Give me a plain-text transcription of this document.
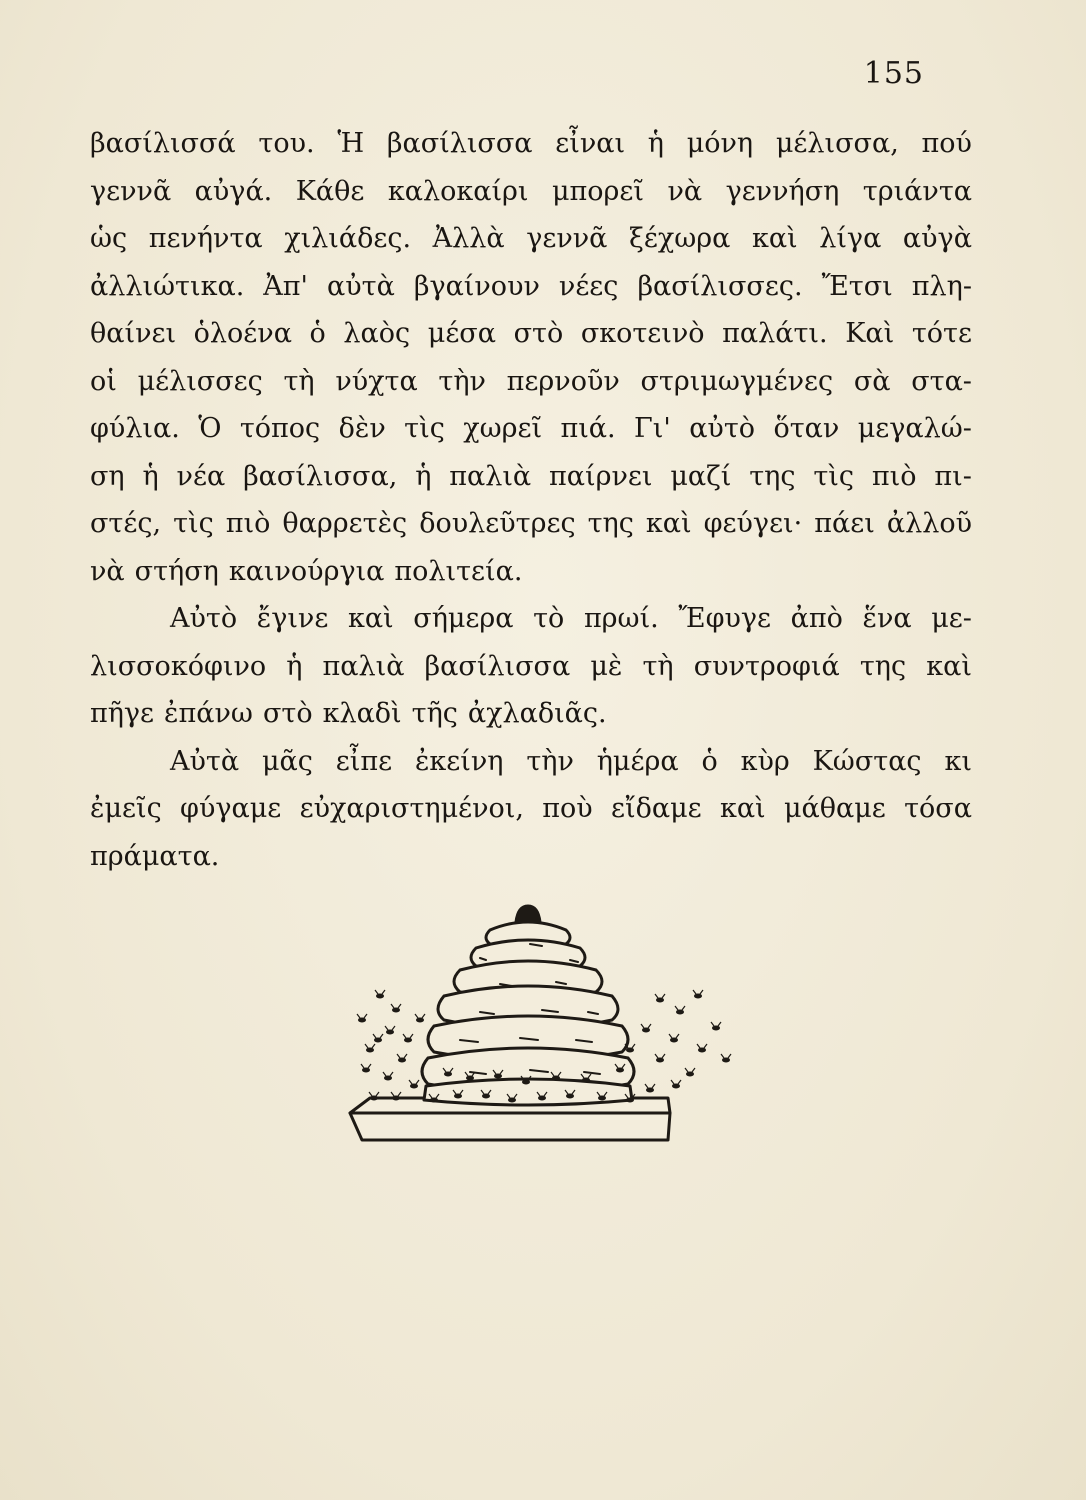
155
βασίλισσά του. Ἡ βασίλισσα εἶναι ἡ μόνη μέλισσα, πού
γεννᾶ αὐγά. Κάθε καλοκαίρι μπορεῖ νὰ γεννήση τριάντα
ὡς πενήντα χιλιάδες. Ἀλλὰ γεννᾶ ξέχωρα καὶ λίγα αὐγὰ
ἀλλιώτικα. Ἀπ' αὐτὰ βγαίνουν νέες βασίλισσες. Ἔτσι πλη-
θαίνει ὁλοένα ὁ λαὸς μέσα στὸ σκοτεινὸ παλάτι. Καὶ τότε
οἱ μέλισσες τὴ νύχτα τὴν περνοῦν στριμωγμένες σὰ στα-
φύλια. Ὁ τόπος δὲν τὶς χωρεῖ πιά. Γι' αὐτὸ ὅταν μεγαλώ-
ση ἡ νέα βασίλισσα, ἡ παλιὰ παίρνει μαζί της τὶς πιὸ πι-
στές, τὶς πιὸ θαρρετὲς δουλεῦτρες της καὶ φεύγει· πάει ἀλλοῦ
νὰ στήση καινούργια πολιτεία.
Αὐτὸ ἔγινε καὶ σήμερα τὸ πρωί. Ἔφυγε ἀπὸ ἕνα με-
λισσοκόφινο ἡ παλιὰ βασίλισσα μὲ τὴ συντροφιά της καὶ
πῆγε ἐπάνω στὸ κλαδὶ τῆς ἀχλαδιᾶς.
Αὐτὰ μᾶς εἶπε ἐκείνη τὴν ἡμέρα ὁ κὺρ Κώστας κι
ἐμεῖς φύγαμε εὐχαριστημένοι, ποὺ εἴδαμε καὶ μάθαμε τόσα
πράματα.
